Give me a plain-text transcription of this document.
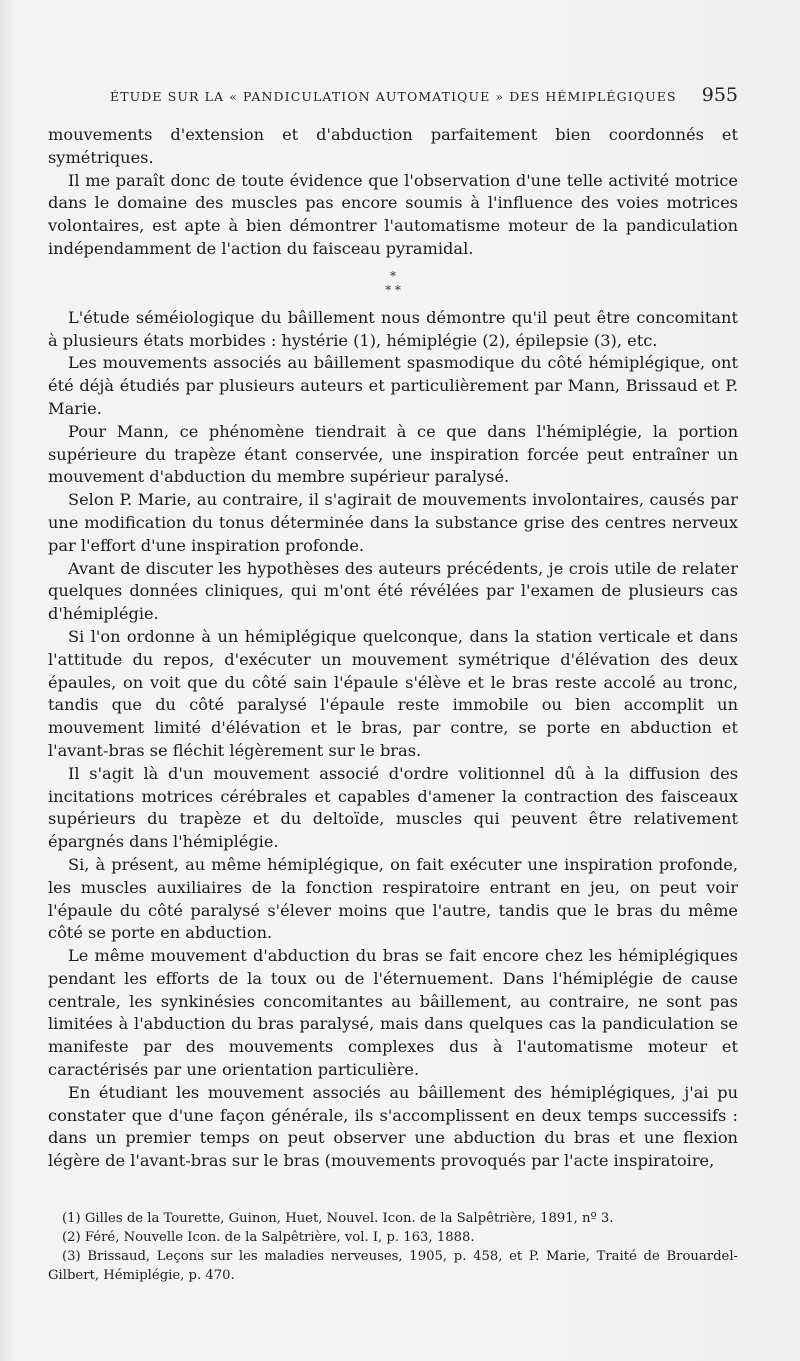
ÉTUDE SUR LA « PANDICULATION AUTOMATIQUE » DES HÉMIPLÉGIQUES 955

mouvements d'extension et d'abduction parfaitement bien coordonnés et symétriques.

Il me paraît donc de toute évidence que l'observation d'une telle activité motrice dans le domaine des muscles pas encore soumis à l'influence des voies motrices volontaires, est apte à bien démontrer l'automatisme moteur de la pandiculation indépendamment de l'action du faisceau pyramidal.

*
* *

L'étude séméiologique du bâillement nous démontre qu'il peut être concomitant à plusieurs états morbides : hystérie (1), hémiplégie (2), épilepsie (3), etc.

Les mouvements associés au bâillement spasmodique du côté hémiplégique, ont été déjà étudiés par plusieurs auteurs et particulièrement par Mann, Brissaud et P. Marie.

Pour Mann, ce phénomène tiendrait à ce que dans l'hémiplégie, la portion supérieure du trapèze étant conservée, une inspiration forcée peut entraîner un mouvement d'abduction du membre supérieur paralysé.

Selon P. Marie, au contraire, il s'agirait de mouvements involontaires, causés par une modification du tonus déterminée dans la substance grise des centres nerveux par l'effort d'une inspiration profonde.

Avant de discuter les hypothèses des auteurs précédents, je crois utile de relater quelques données cliniques, qui m'ont été révélées par l'examen de plusieurs cas d'hémiplégie.

Si l'on ordonne à un hémiplégique quelconque, dans la station verticale et dans l'attitude du repos, d'exécuter un mouvement symétrique d'élévation des deux épaules, on voit que du côté sain l'épaule s'élève et le bras reste accolé au tronc, tandis que du côté paralysé l'épaule reste immobile ou bien accomplit un mouvement limité d'élévation et le bras, par contre, se porte en abduction et l'avant-bras se fléchit légèrement sur le bras.

Il s'agit là d'un mouvement associé d'ordre volitionnel dû à la diffusion des incitations motrices cérébrales et capables d'amener la contraction des faisceaux supérieurs du trapèze et du deltoïde, muscles qui peuvent être relativement épargnés dans l'hémiplégie.

Si, à présent, au même hémiplégique, on fait exécuter une inspiration profonde, les muscles auxiliaires de la fonction respiratoire entrant en jeu, on peut voir l'épaule du côté paralysé s'élever moins que l'autre, tandis que le bras du même côté se porte en abduction.

Le même mouvement d'abduction du bras se fait encore chez les hémiplégiques pendant les efforts de la toux ou de l'éternuement. Dans l'hémiplégie de cause centrale, les synkinésies concomitantes au bâillement, au contraire, ne sont pas limitées à l'abduction du bras paralysé, mais dans quelques cas la pandiculation se manifeste par des mouvements complexes dus à l'automatisme moteur et caractérisés par une orientation particulière.

En étudiant les mouvement associés au bâillement des hémiplégiques, j'ai pu constater que d'une façon générale, ils s'accomplissent en deux temps successifs : dans un premier temps on peut observer une abduction du bras et une flexion légère de l'avant-bras sur le bras (mouvements provoqués par l'acte inspiratoire,

(1) Gilles de la Tourette, Guinon, Huet, Nouvel. Icon. de la Salpêtrière, 1891, nº 3.

(2) Féré, Nouvelle Icon. de la Salpêtrière, vol. I, p. 163, 1888.

(3) Brissaud, Leçons sur les maladies nerveuses, 1905, p. 458, et P. Marie, Traité de Brouardel-Gilbert, Hémiplégie, p. 470.
